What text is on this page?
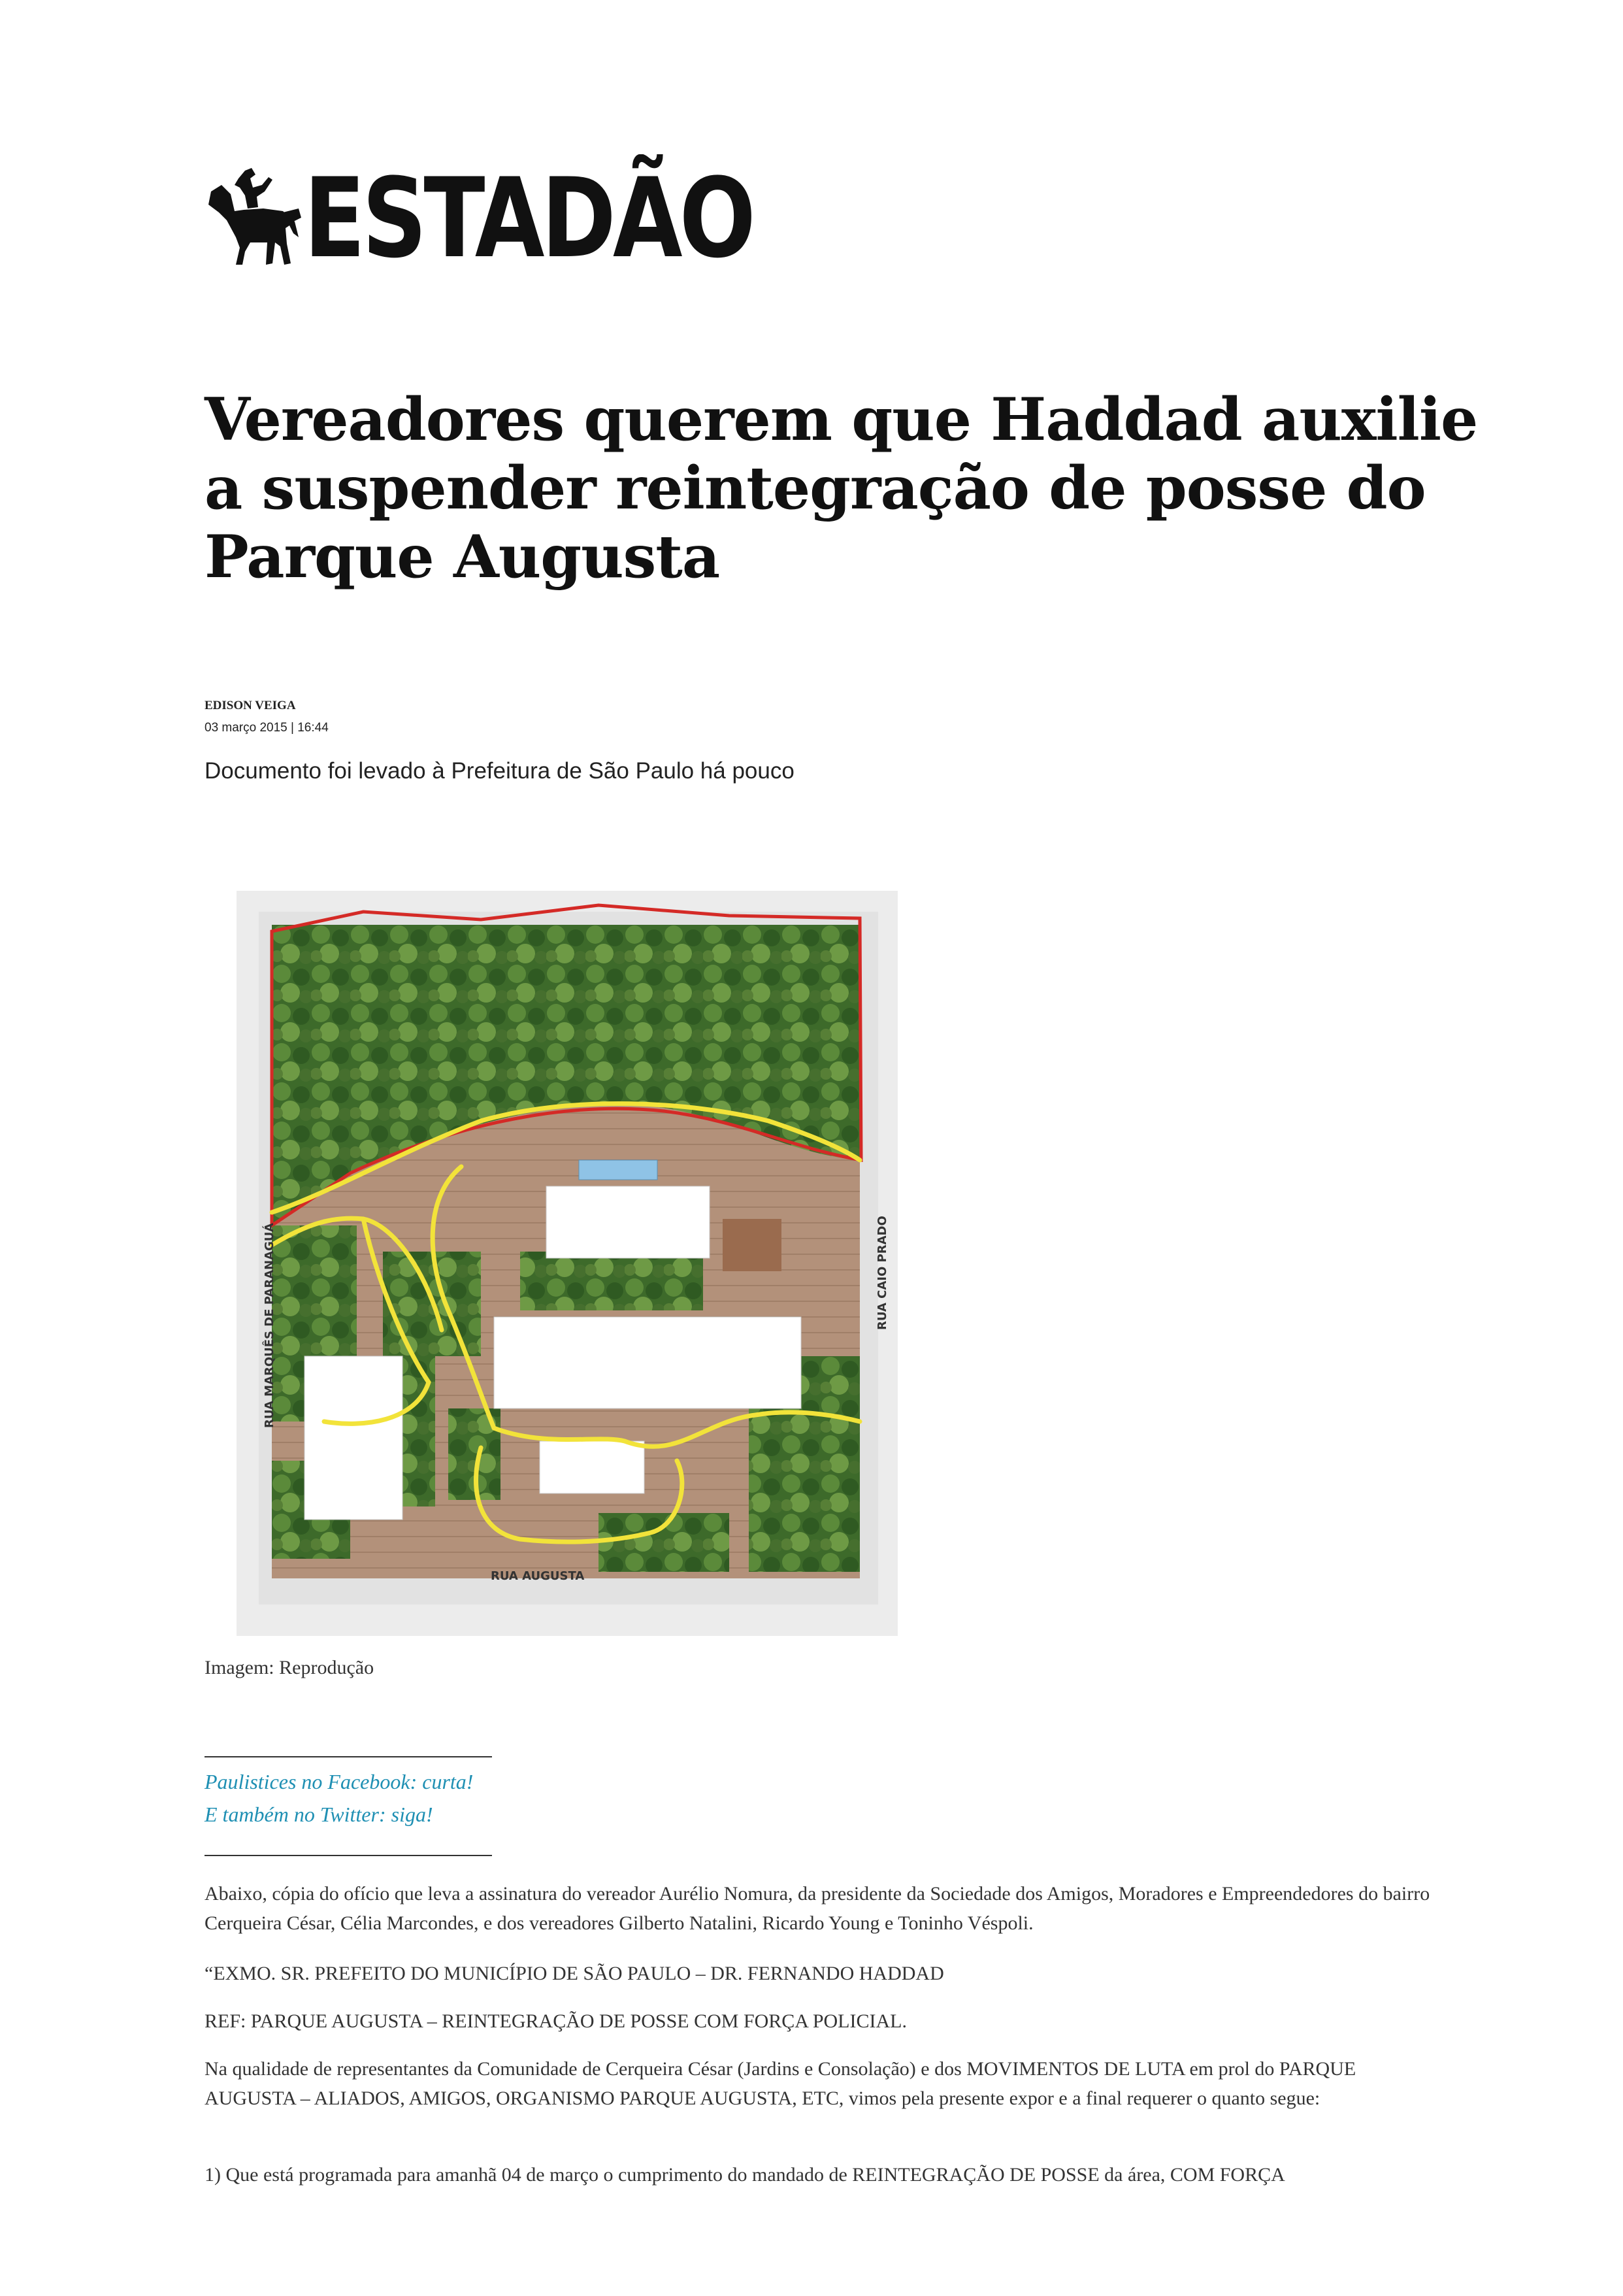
ESTADÃO
Vereadores querem que Haddad auxilie a suspender reintegração de posse do Parque Augusta
EDISON VEIGA
03 março 2015 | 16:44
Documento foi levado à Prefeitura de São Paulo há pouco
RUA MARQUÊS DE PARANAGUÁ	RUA CAIO PRADO
RUA AUGUSTA
Imagem: Reprodução
Paulistices no Facebook: curta!
E também no Twitter: siga!
Abaixo, cópia do ofício que leva a assinatura do vereador Aurélio Nomura, da presidente da Sociedade dos Amigos, Moradores e Empreendedores do bairro Cerqueira César, Célia Marcondes, e dos vereadores Gilberto Natalini, Ricardo Young e Toninho Véspoli.
“EXMO. SR. PREFEITO DO MUNICÍPIO DE SÃO PAULO – DR. FERNANDO HADDAD
REF: PARQUE AUGUSTA – REINTEGRAÇÃO DE POSSE COM FORÇA POLICIAL.
Na qualidade de representantes da Comunidade de Cerqueira César (Jardins e Consolação) e dos MOVIMENTOS DE LUTA em prol do PARQUE AUGUSTA – ALIADOS, AMIGOS, ORGANISMO PARQUE AUGUSTA, ETC, vimos pela presente expor e a final requerer o quanto segue:
1) Que está programada para amanhã 04 de março o cumprimento do mandado de REINTEGRAÇÃO DE POSSE da área, COM FORÇA
